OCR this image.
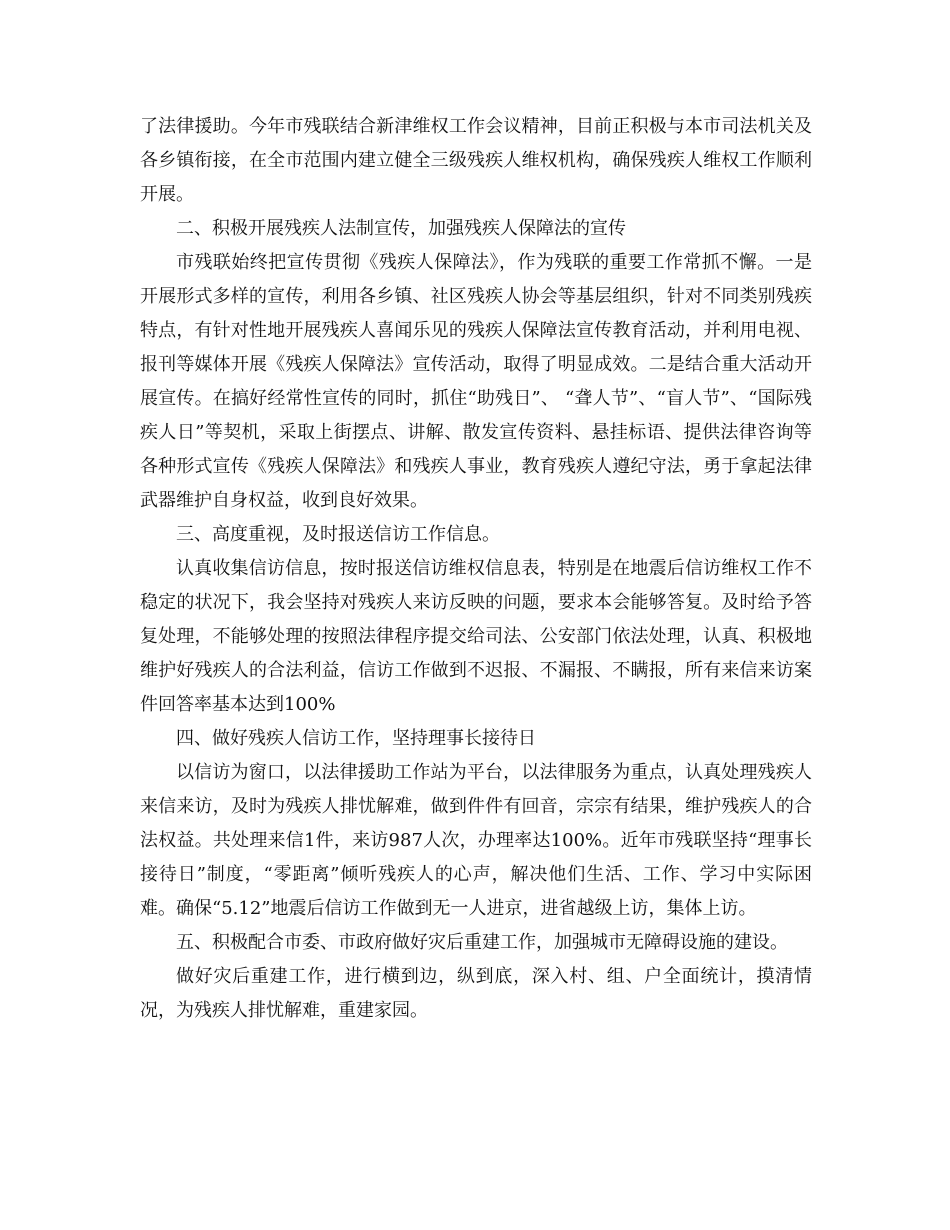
了法律援助。今年市残联结合新津维权工作会议精神，目前正积极与本市司法机关及各乡镇衔接，在全市范围内建立健全三级残疾人维权机构，确保残疾人维权工作顺利开展。

二、积极开展残疾人法制宣传，加强残疾人保障法的宣传

市残联始终把宣传贯彻《残疾人保障法》，作为残联的重要工作常抓不懈。一是开展形式多样的宣传，利用各乡镇、社区残疾人协会等基层组织，针对不同类别残疾特点，有针对性地开展残疾人喜闻乐见的残疾人保障法宣传教育活动，并利用电视、报刊等媒体开展《残疾人保障法》宣传活动，取得了明显成效。二是结合重大活动开展宣传。在搞好经常性宣传的同时，抓住“助残日”、 “聋人节”、“盲人节”、“国际残疾人日”等契机，采取上街摆点、讲解、散发宣传资料、悬挂标语、提供法律咨询等各种形式宣传《残疾人保障法》和残疾人事业，教育残疾人遵纪守法，勇于拿起法律武器维护自身权益，收到良好效果。

三、高度重视，及时报送信访工作信息。

认真收集信访信息，按时报送信访维权信息表，特别是在地震后信访维权工作不稳定的状况下，我会坚持对残疾人来访反映的问题，要求本会能够答复。及时给予答复处理，不能够处理的按照法律程序提交给司法、公安部门依法处理，认真、积极地维护好残疾人的合法利益，信访工作做到不迟报、不漏报、不瞒报，所有来信来访案件回答率基本达到100%

四、做好残疾人信访工作，坚持理事长接待日

以信访为窗口，以法律援助工作站为平台，以法律服务为重点，认真处理残疾人来信来访，及时为残疾人排忧解难，做到件件有回音，宗宗有结果，维护残疾人的合法权益。共处理来信1件，来访987人次，办理率达100%。近年市残联坚持“理事长接待日”制度，“零距离”倾听残疾人的心声，解决他们生活、工作、学习中实际困难。确保“5.12”地震后信访工作做到无一人进京，进省越级上访，集体上访。

五、积极配合市委、市政府做好灾后重建工作，加强城市无障碍设施的建设。

做好灾后重建工作，进行横到边，纵到底，深入村、组、户全面统计，摸清情况，为残疾人排忧解难，重建家园。
